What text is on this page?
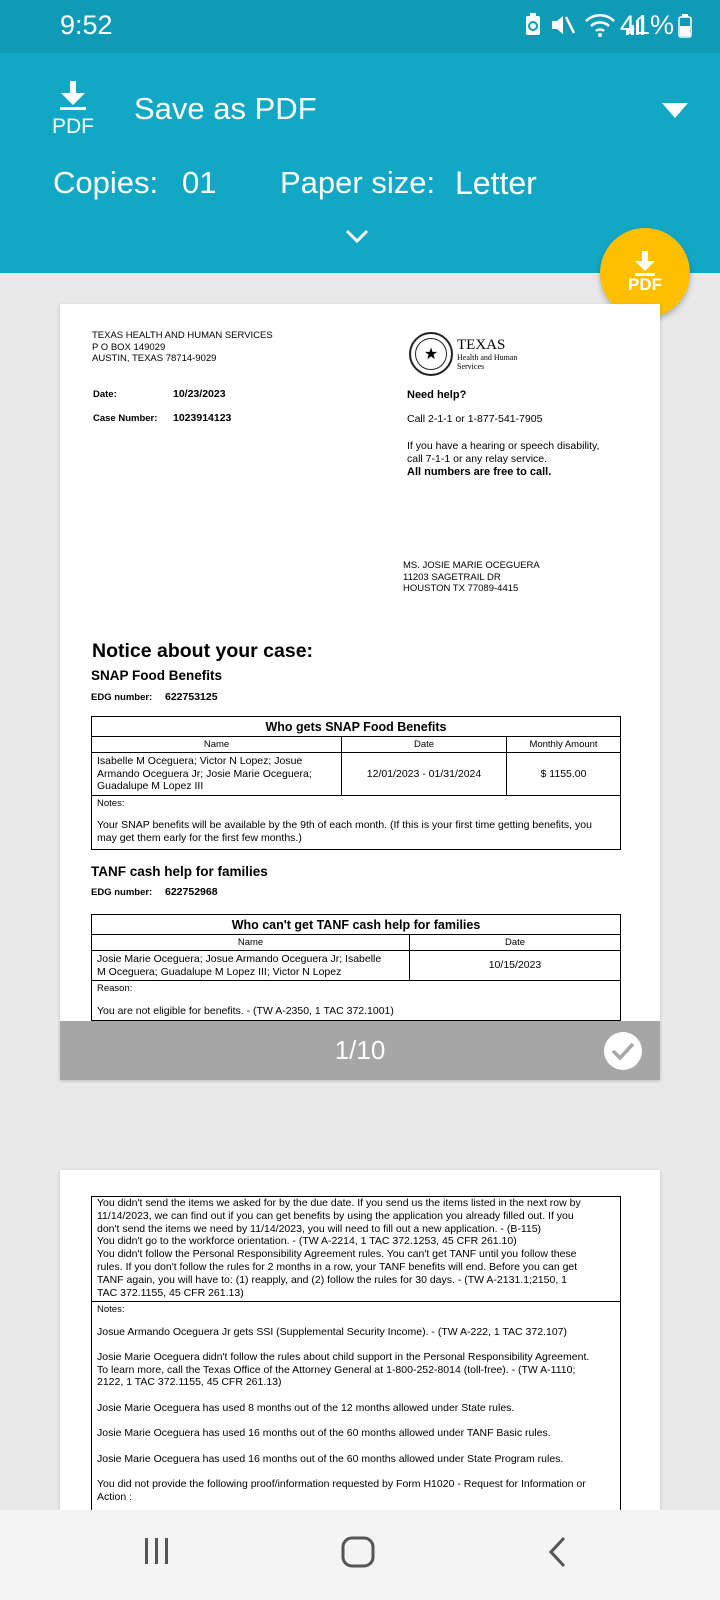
9:52	41%
PDF
Save as PDF
Copies: 01 Paper size: Letter
PDF
TEXAS HEALTH AND HUMAN SERVICES
P O BOX 149029
AUSTIN, TEXAS 78714-9029	★
TEXAS
Health and Human
Services
Date:	10/23/2023
Case Number: 1023914123
Need help?
Call 2-1-1 or 1-877-541-7905
If you have a hearing or speech disability,
call 7-1-1 or any relay service.
All numbers are free to call.
MS. JOSIE MARIE OCEGUERA
11203 SAGETRAIL DR
HOUSTON TX 77089-4415
Notice about your case:
SNAP Food Benefits
EDG number: 622753125
Who gets SNAP Food Benefits		
Name	Date	Monthly Amount

Isabelle M Oceguera; Victor N Lopez; Josue
Armando Oceguera Jr; Josie Marie Oceguera;
Guadalupe M Lopez III	12/01/2023 - 01/31/2024	$ 1155.00

Notes:
Your SNAP benefits will be available by the 9th of each month. (If this is your first time getting benefits, you
may get them early for the first few months.)		
TANF cash help for families
EDG number: 622752968
Who can't get TANF cash help for families	
Name	Date

Josie Marie Oceguera; Josue Armando Oceguera Jr; Isabelle
M Oceguera; Guadalupe M Lopez III; Victor N Lopez	10/15/2023

Reason:
You are not eligible for benefits. - (TW A-2350, 1 TAC 372.1001)	
1/10
You didn't send the items we asked for by the due date. If you send us the items listed in the next row by
11/14/2023, we can find out if you can get benefits by using the application you already filled out. If you
don't send the items we need by 11/14/2023, you will need to fill out a new application. - (B-115)
You didn't go to the workforce orientation. - (TW A-2214, 1 TAC 372.1253, 45 CFR 261.10)
You didn't follow the Personal Responsibility Agreement rules. You can't get TANF until you follow these
rules. If you don't follow the rules for 2 months in a row, your TANF benefits will end. Before you can get
TANF again, you will have to: (1) reapply, and (2) follow the rules for 30 days. - (TW A-2131.1;2150, 1
TAC 372.1155, 45 CFR 261.13)

Notes:
Josue Armando Oceguera Jr gets SSI (Supplemental Security Income). - (TW A-222, 1 TAC 372.107)
Josie Marie Oceguera didn't follow the rules about child support in the Personal Responsibility Agreement.
To learn more, call the Texas Office of the Attorney General at 1-800-252-8014 (toll-free). - (TW A-1110;
2122, 1 TAC 372.1155, 45 CFR 261.13)
Josie Marie Oceguera has used 8 months out of the 12 months allowed under State rules.
Josie Marie Oceguera has used 16 months out of the 60 months allowed under TANF Basic rules.
Josie Marie Oceguera has used 16 months out of the 60 months allowed under State Program rules.
You did not provide the following proof/information requested by Form H1020 - Request for Information or
Action :
